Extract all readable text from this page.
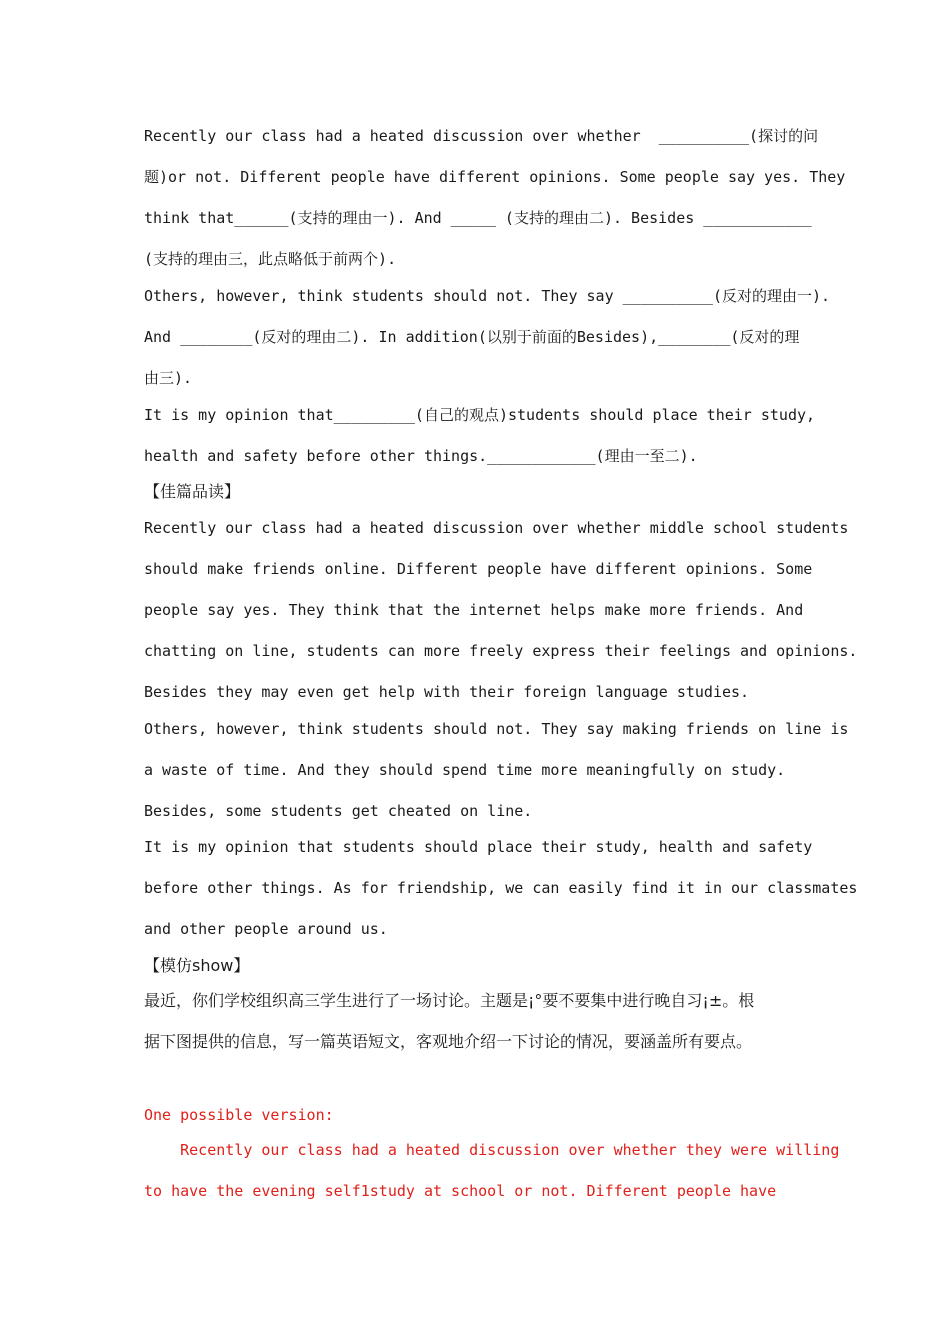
Recently our class had a heated discussion over whether  __________(探讨的问
题)or not. Different people have different opinions. Some people say yes. They
think that______(支持的理由一). And _____ (支持的理由二). Besides ____________
(支持的理由三，此点略低于前两个).
Others, however, think students should not. They say __________(反对的理由一).
And ________(反对的理由二). In addition(以别于前面的Besides),________(反对的理
由三).
It is my opinion that_________(自己的观点)students should place their study,
health and safety before other things.____________(理由一至二).
【佳篇品读】
Recently our class had a heated discussion over whether middle school students
should make friends online. Different people have different opinions. Some
people say yes. They think that the internet helps make more friends. And
chatting on line, students can more freely express their feelings and opinions.
Besides they may even get help with their foreign language studies.
Others, however, think students should not. They say making friends on line is
a waste of time. And they should spend time more meaningfully on study.
Besides, some students get cheated on line.
It is my opinion that students should place their study, health and safety
before other things. As for friendship, we can easily find it in our classmates
and other people around us.
【模仿show】
最近，你们学校组织高三学生进行了一场讨论。主题是¡°要不要集中进行晚自习¡±。根
据下图提供的信息，写一篇英语短文，客观地介绍一下讨论的情况，要涵盖所有要点。
One possible version:
Recently our class had a heated discussion over whether they were willing
to have the evening self1study at school or not. Different people have
